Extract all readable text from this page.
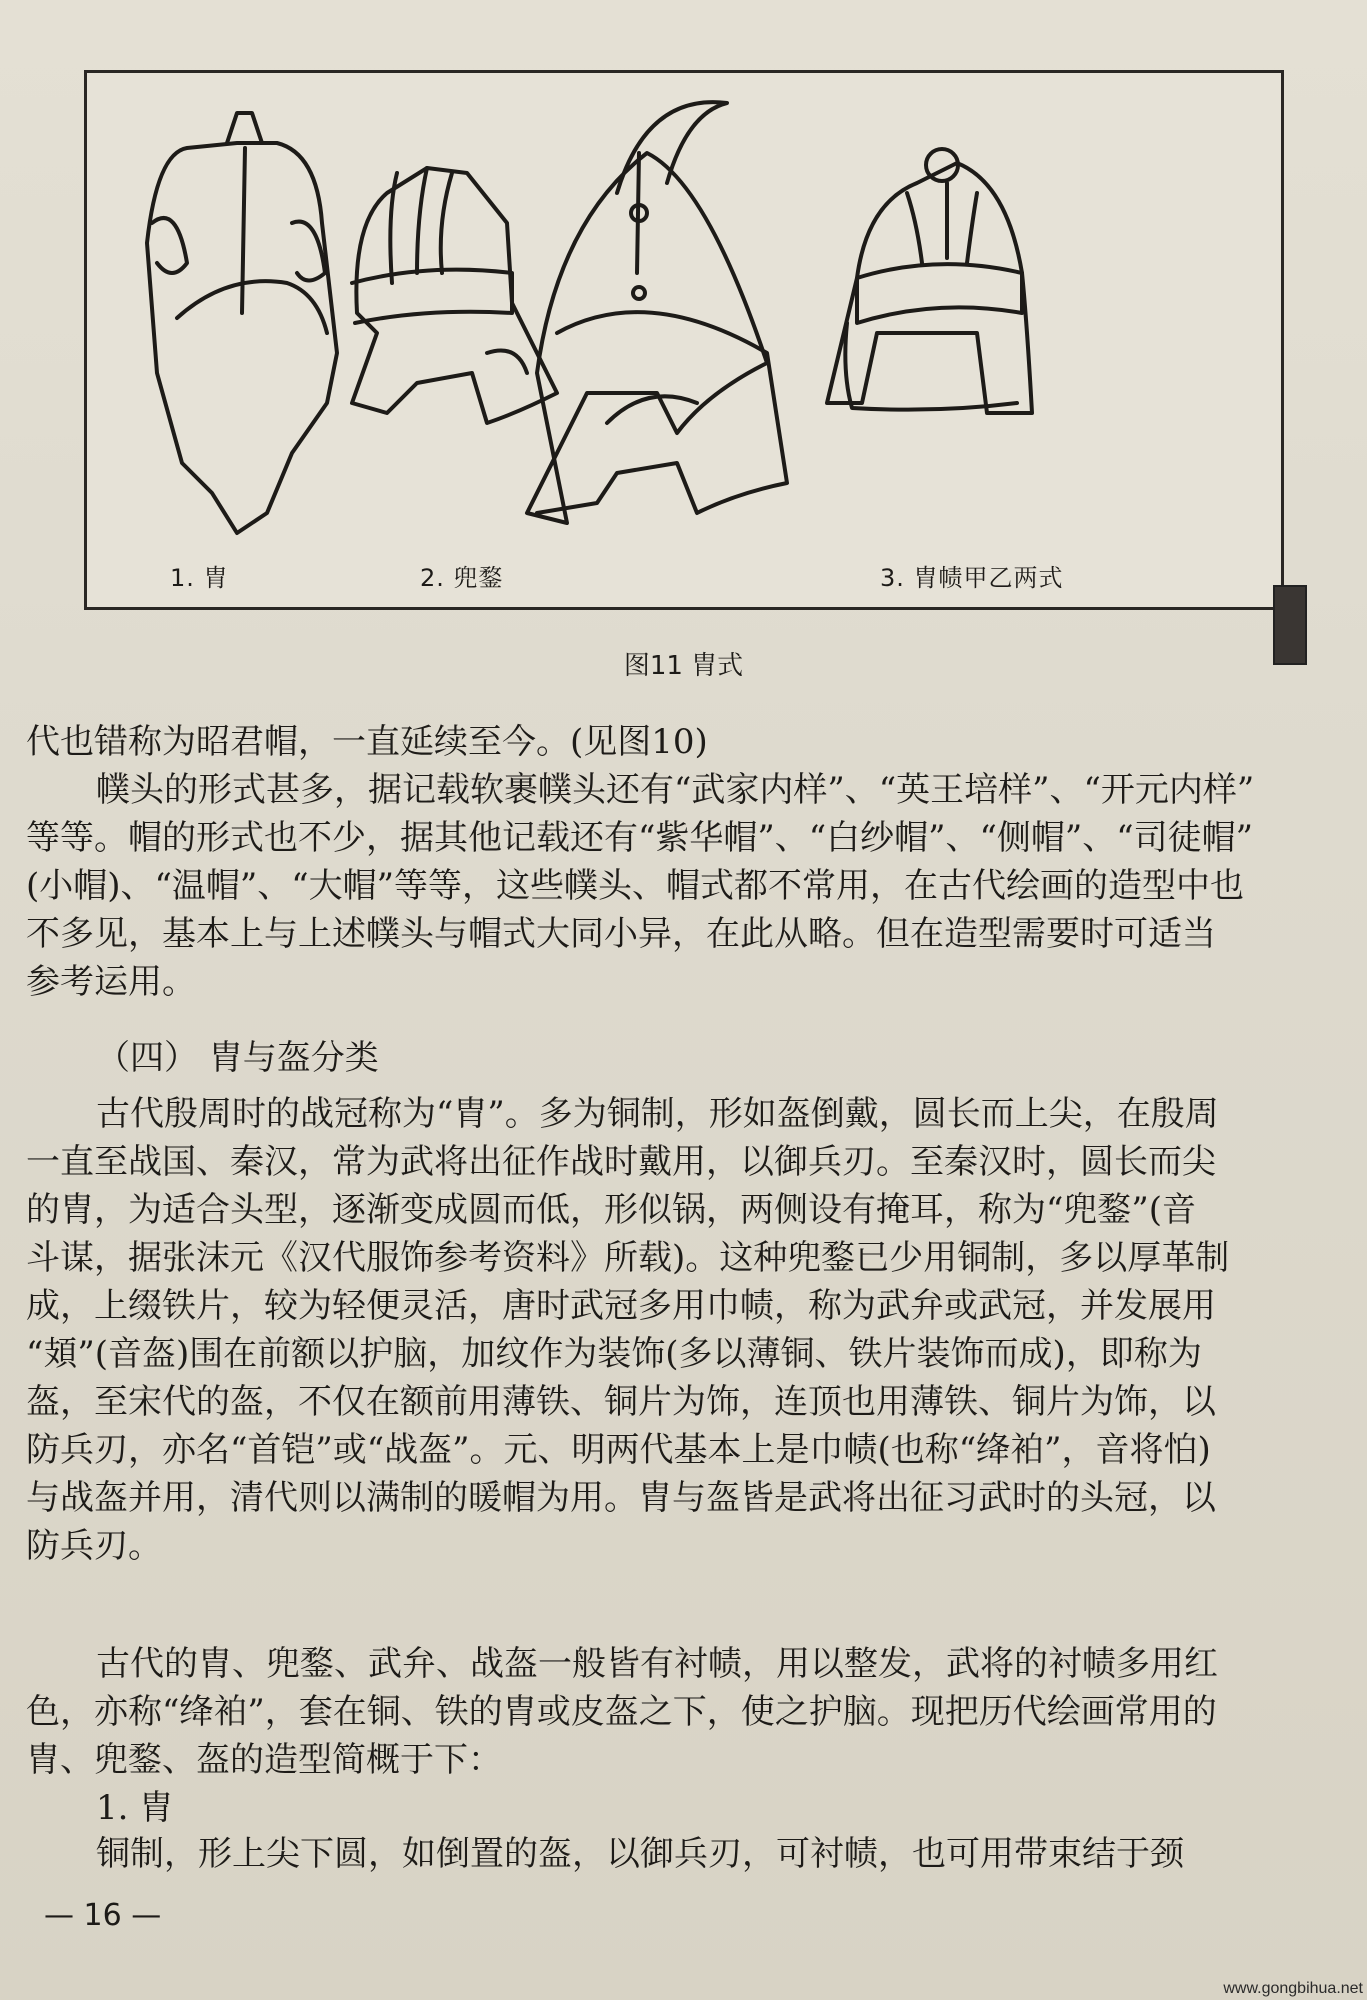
1. 胄	2. 兜鍪	3. 胄帻甲乙两式
图11 胄式

代也错称为昭君帽，一直延续至今。(见图10)

幞头的形式甚多，据记载软裹幞头还有“武家内样”、“英王培样”、“开元内样”

等等。帽的形式也不少，据其他记载还有“紫华帽”、“白纱帽”、“侧帽”、“司徒帽”

(小帽)、“温帽”、“大帽”等等，这些幞头、帽式都不常用，在古代绘画的造型中也

不多见，基本上与上述幞头与帽式大同小异，在此从略。但在造型需要时可适当

参考运用。

（四） 胄与盔分类

古代殷周时的战冠称为“胄”。多为铜制，形如盔倒戴，圆长而上尖，在殷周

一直至战国、秦汉，常为武将出征作战时戴用，以御兵刃。至秦汉时，圆长而尖

的胄，为适合头型，逐渐变成圆而低，形似锅，两侧设有掩耳，称为“兜鍪”(音

斗谋，据张沫元《汉代服饰参考资料》所载)。这种兜鍪已少用铜制，多以厚革制

成，上缀铁片，较为轻便灵活，唐时武冠多用巾帻，称为武弁或武冠，并发展用

“頍”(音盔)围在前额以护脑，加纹作为装饰(多以薄铜、铁片装饰而成)，即称为

盔，至宋代的盔，不仅在额前用薄铁、铜片为饰，连顶也用薄铁、铜片为饰，以

防兵刃，亦名“首铠”或“战盔”。元、明两代基本上是巾帻(也称“绛袙”，音将怕)

与战盔并用，清代则以满制的暖帽为用。胄与盔皆是武将出征习武时的头冠，以

防兵刃。

古代的胄、兜鍪、武弁、战盔一般皆有衬帻，用以整发，武将的衬帻多用红

色，亦称“绛袙”，套在铜、铁的胄或皮盔之下，使之护脑。现把历代绘画常用的

胄、兜鍪、盔的造型简概于下：

1. 胄

铜制，形上尖下圆，如倒置的盔，以御兵刃，可衬帻，也可用带束结于颈

— 16 —
www.gongbihua.net
